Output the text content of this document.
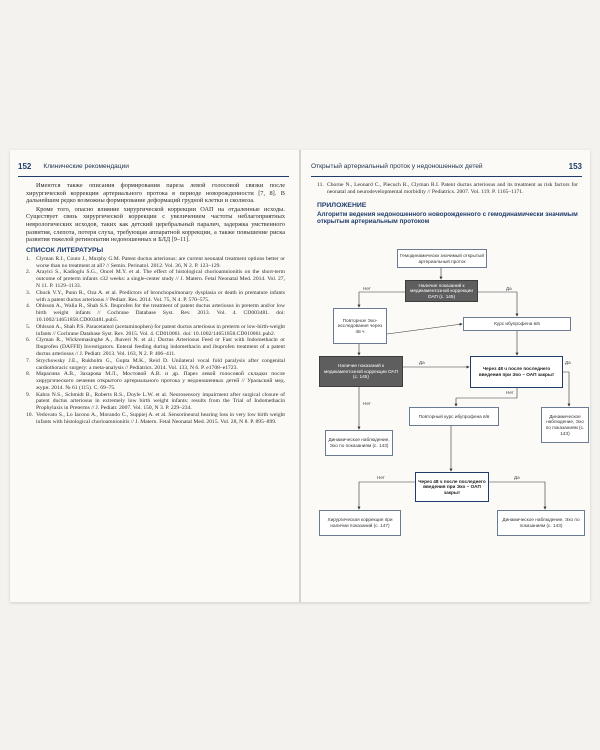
152 Клинические рекомендации

Имеются также описания формирования пареза левой голосовой связки после хирургической коррекции артериального протока в периоде новорожденности [7, 8]. В дальнейшем редко возможны формирование деформаций грудной клетки и сколиоза.

Кроме того, опасно влияние хирургической коррекции ОАП на отдаленные исходы. Существует связь хирургической коррекции с увеличением частоты неблагоприятных неврологических исходов, таких как детский церебральный паралич, задержка умственного развития, слепота, потеря слуха, требующая аппаратной коррекции, а также повышение риска развития тяжелой ретинопатии недоношенных и БЛД [9–11].

СПИСОК ЛИТЕРАТУРЫ
1. Clyman R.I., Couto J., Murphy G.M. Patent ductus arteriosus: are current neonatal treatment options better or worse than no treatment at all? // Semin. Perinatol. 2012. Vol. 36, N 2. P. 123–129.
2. Arayici S., Kadioglu S.G., Oncel M.Y. et al. The effect of histological chorioamnionitis on the short-term outcome of preterm infants ≤32 weeks: a single-center study // J. Matern. Fetal Neonatal Med. 2014. Vol. 27, N 11. P. 1129–1133.
3. Chock V.Y., Punn R., Oza A. et al. Predictors of bronchopulmonary dysplasia or death in premature infants with a patent ductus arteriosus // Pediatr. Res. 2014. Vol. 75, N 4. P. 570–575.
4. Ohlsson A., Walia R., Shah S.S. Ibuprofen for the treatment of patent ductus arteriosus in preterm and/or low birth weight infants // Cochrane Database Syst. Rev. 2013. Vol. 4. CD003481. doi: 10.1002/14651858.CD003481.pub5.
5. Ohlsson A., Shah P.S. Paracetamol (acetaminophen) for patent ductus arteriosus in preterm or low-birth-weight infants // Cochrane Database Syst. Rev. 2015. Vol. 4. CD010061. doi: 10.1002/14651858.CD010061.pub2.
6. Clyman R., Wickremasinghe A., Jhaveri N. et al.; Ductus Arteriosus Feed or Fast with Indomethacin or Ibuprofen (DAFFII) Investigators. Enteral feeding during indomethacin and ibuprofen treatment of a patent ductus arteriosus // J. Pediatr. 2013. Vol. 163, N 2. P. 406–411.
7. Strychowsky J.E., Rukholm G., Gupta M.K., Reid D. Unilateral vocal fold paralysis after congenital cardiothoracic surgery: a meta-analysis // Pediatrics. 2014. Vol. 133, N 6. P. e1708–e1723.
8. Марасина А.В., Захарова М.Л., Мостовой А.В. и др. Парез левой голосовой складки после хирургического лечения открытого артериального протока у недоношенных детей // Уральский мед. журн. 2014. № 61 (115). С. 69–75.
9. Kabra N.S., Schmidt B., Roberts R.S., Doyle L.W. et al. Neurosensory impairment after surgical closure of patent ductus arteriosus in extremely low birth weight infants: results from the Trial of Indomethacin Prophylaxis in Preterms // J. Pediatr. 2007. Vol. 150, N 3. P. 229–234.
10. Vedovato S., Lo Iacono A., Morando C., Suppiej A. et al. Sensorineural hearing loss in very low birth weight infants with histological chorioamnionitis // J. Matern. Fetal Neonatal Med. 2015. Vol. 28, N 8. P. 895–899.
Открытый артериальный проток у недоношенных детей	153
11. Chorne N., Leonard C., Piecuch R., Clyman R.I. Patent ductus arteriosus and its treatment as risk factors for neonatal and neurodevelopmental morbidity // Pediatrics. 2007. Vol. 119. P. 1165–1171.
ПРИЛОЖЕНИЕ
Алгоритм ведения недоношенного новорожденного с гемодинамически значимым открытым артериальным протоком
Гемодинамически значимый открытый артериальный проток
Наличие показаний к медикаментозной коррекции ОАП (с. 145)
Нет	Да
Повторное Эхо-исследования через 48 ч
Курс ибупрофена в/в
Наличие показаний к медикаментозной коррекции ОАП (с. 145)
Через 48 ч после последнего введения при Эхо – ОАП закрыт
Да
Нет
Нет
Да
Повторный курс ибупрофена в/в	Динамическое наблюдение, Эхо по показаниям (с. 143)
Динамическое наблюдение, Эхо по показаниям (с. 143)
Через 48 ч после последнего введения при Эхо – ОАП закрыт
Нет	Да
Хирургическая коррекция при наличии показаний (с. 147)
Динамическое наблюдение, Эхо по показаниям (с. 143)
